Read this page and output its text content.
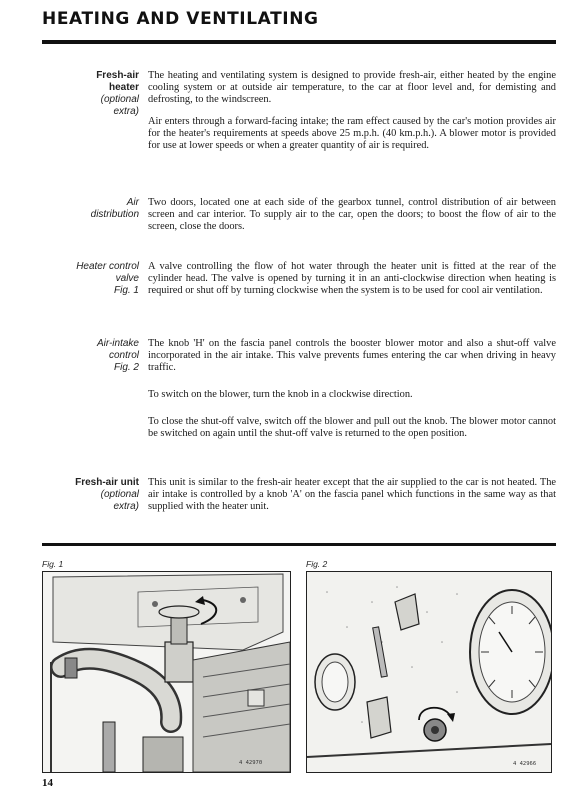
HEATING AND VENTILATING
Fresh-air
heater
(optional
extra)

The heating and ventilating system is designed to provide fresh-air, either heated by the engine cooling system or at outside air temperature, to the car at floor level and, for demisting and defrosting, to the windscreen.

Air enters through a forward-facing intake; the ram effect caused by the car's motion provides air for the heater's requirements at speeds above 25 m.p.h. (40 km.p.h.). A blower motor is provided for use at lower speeds or when a greater quantity of air is required.

Air
distribution

Two doors, located one at each side of the gearbox tunnel, control distribution of air between screen and car interior. To supply air to the car, open the doors; to boost the flow of air to the screen, close the doors.

Heater control
valve
Fig. 1

A valve controlling the flow of hot water through the heater unit is fitted at the rear of the cylinder head. The valve is opened by turning it in an anti-clockwise direction when heating is required or shut off by turning clockwise when the system is to be used for cool air ventilation.

Air-intake
control
Fig. 2

The knob 'H' on the fascia panel controls the booster blower motor and also a shut-off valve incorporated in the air intake. This valve prevents fumes entering the car when driving in heavy traffic.

To switch on the blower, turn the knob in a clockwise direction.

To close the shut-off valve, switch off the blower and pull out the knob. The blower motor cannot be switched on again until the shut-off valve is returned to the open position.

Fresh-air unit
(optional
extra)

This unit is similar to the fresh-air heater except that the air supplied to the car is not heated. The air intake is controlled by a knob 'A' on the fascia panel which functions in the same way as that supplied with the heater unit.

Fig. 1
4 42970
Fig. 2
4 42966
14
